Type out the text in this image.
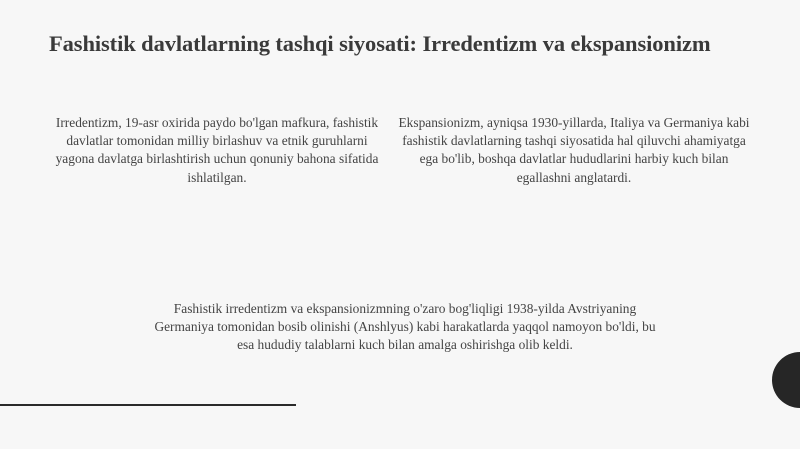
Fashistik davlatlarning tashqi siyosati: Irredentizm va ekspansionizm
Irredentizm, 19-asr oxirida paydo bo'lgan mafkura, fashistik davlatlar tomonidan milliy birlashuv va etnik guruhlarni yagona davlatga birlashtirish uchun qonuniy bahona sifatida ishlatilgan.
Ekspansionizm, ayniqsa 1930-yillarda, Italiya va Germaniya kabi fashistik davlatlarning tashqi siyosatida hal qiluvchi ahamiyatga ega bo'lib, boshqa davlatlar hududlarini harbiy kuch bilan egallashni anglatardi.
Fashistik irredentizm va ekspansionizmning o'zaro bog'liqligi 1938-yilda Avstriyaning Germaniya tomonidan bosib olinishi (Anshlyus) kabi harakatlarda yaqqol namoyon bo'ldi, bu esa hududiy talablarni kuch bilan amalga oshirishga olib keldi.
